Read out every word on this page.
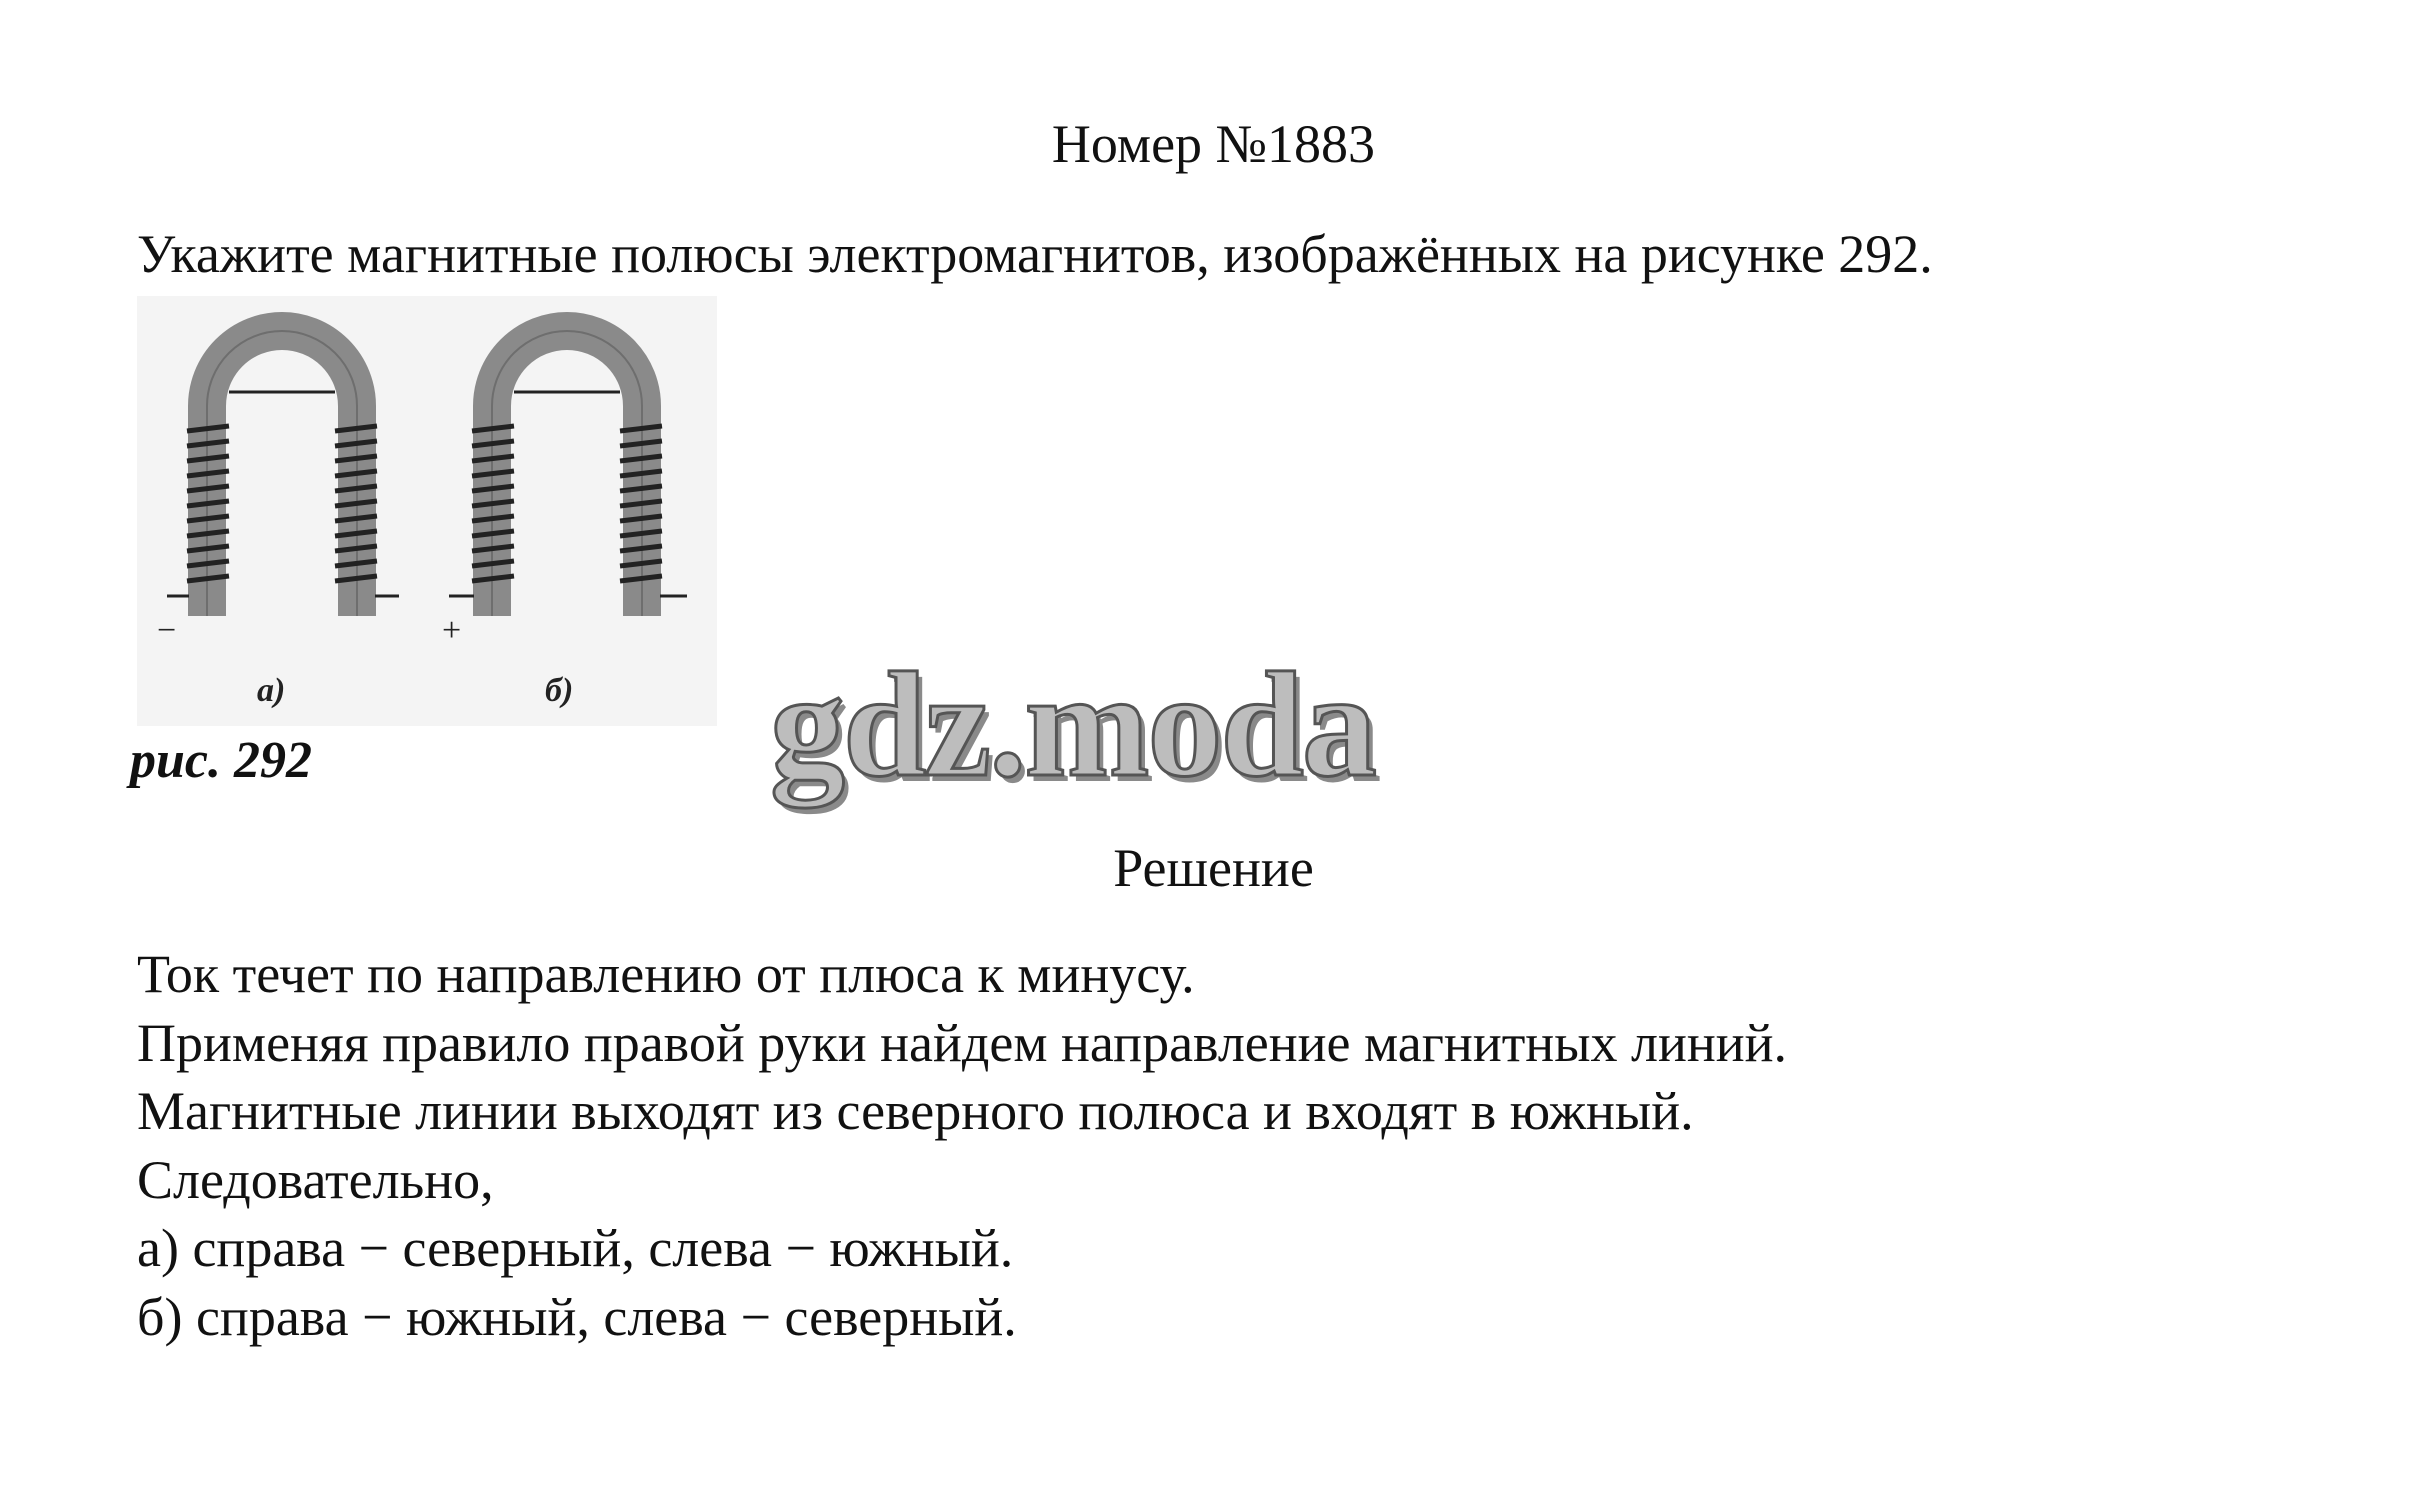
Номер №1883
Укажите магнитные полюсы электромагнитов, изображённых на рисунке 292.
−
а)
+
б)
рис. 292	gdz.moda
Решение
Ток течет по направлению от плюса к минусу.
Применяя правило правой руки найдем направление магнитных линий.
Магнитные линии выходят из северного полюса и входят в южный.
Следовательно,
а) справа − северный, слева − южный.
б) справа − южный, слева − северный.
